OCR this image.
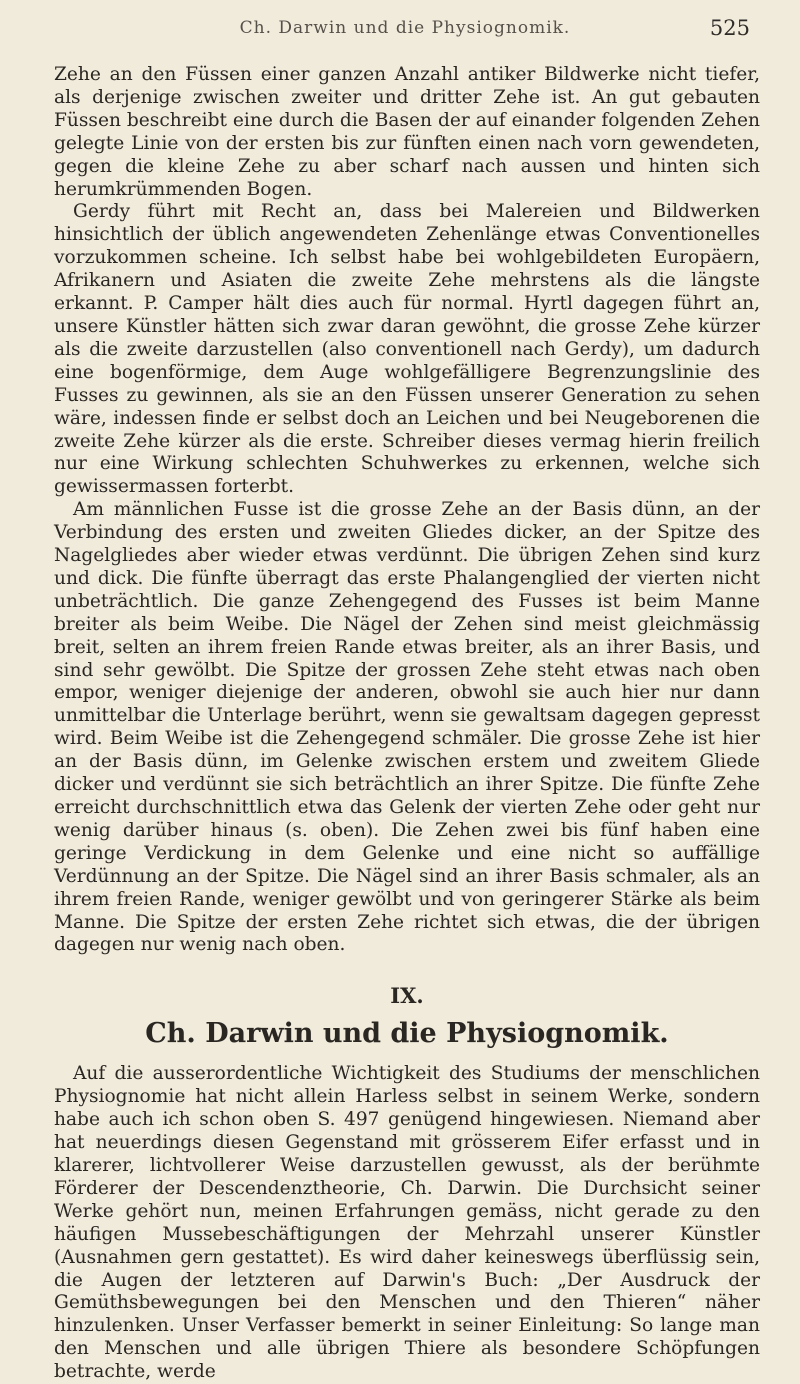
Ch. Darwin und die Physiognomik.	525

Zehe an den Füssen einer ganzen Anzahl antiker Bildwerke nicht tiefer, als derjenige zwischen zweiter und dritter Zehe ist. An gut gebauten Füssen beschreibt eine durch die Basen der auf einander folgenden Zehen gelegte Linie von der ersten bis zur fünften einen nach vorn gewendeten, gegen die kleine Zehe zu aber scharf nach aussen und hinten sich herumkrümmenden Bogen.

Gerdy führt mit Recht an, dass bei Malereien und Bildwerken hinsichtlich der üblich angewendeten Zehenlänge etwas Conventionelles vorzukommen scheine. Ich selbst habe bei wohlgebildeten Europäern, Afrikanern und Asiaten die zweite Zehe mehrstens als die längste erkannt. P. Camper hält dies auch für normal. Hyrtl dagegen führt an, unsere Künstler hätten sich zwar daran gewöhnt, die grosse Zehe kürzer als die zweite darzustellen (also conventionell nach Gerdy), um dadurch eine bogenförmige, dem Auge wohlgefälligere Begrenzungslinie des Fusses zu gewinnen, als sie an den Füssen unserer Generation zu sehen wäre, indessen finde er selbst doch an Leichen und bei Neugeborenen die zweite Zehe kürzer als die erste. Schreiber dieses vermag hierin freilich nur eine Wirkung schlechten Schuhwerkes zu erkennen, welche sich gewissermassen forterbt.

Am männlichen Fusse ist die grosse Zehe an der Basis dünn, an der Verbindung des ersten und zweiten Gliedes dicker, an der Spitze des Nagelgliedes aber wieder etwas verdünnt. Die übrigen Zehen sind kurz und dick. Die fünfte überragt das erste Phalangenglied der vierten nicht unbeträchtlich. Die ganze Zehengegend des Fusses ist beim Manne breiter als beim Weibe. Die Nägel der Zehen sind meist gleichmässig breit, selten an ihrem freien Rande etwas breiter, als an ihrer Basis, und sind sehr gewölbt. Die Spitze der grossen Zehe steht etwas nach oben empor, weniger diejenige der anderen, obwohl sie auch hier nur dann unmittelbar die Unterlage berührt, wenn sie gewaltsam dagegen gepresst wird. Beim Weibe ist die Zehengegend schmäler. Die grosse Zehe ist hier an der Basis dünn, im Gelenke zwischen erstem und zweitem Gliede dicker und verdünnt sie sich beträchtlich an ihrer Spitze. Die fünfte Zehe erreicht durchschnittlich etwa das Gelenk der vierten Zehe oder geht nur wenig darüber hinaus (s. oben). Die Zehen zwei bis fünf haben eine geringe Verdickung in dem Gelenke und eine nicht so auffällige Verdünnung an der Spitze. Die Nägel sind an ihrer Basis schmaler, als an ihrem freien Rande, weniger gewölbt und von geringerer Stärke als beim Manne. Die Spitze der ersten Zehe richtet sich etwas, die der übrigen dagegen nur wenig nach oben.

IX.
Ch. Darwin und die Physiognomik.

Auf die ausserordentliche Wichtigkeit des Studiums der menschlichen Physiognomie hat nicht allein Harless selbst in seinem Werke, sondern habe auch ich schon oben S. 497 genügend hingewiesen. Niemand aber hat neuerdings diesen Gegenstand mit grösserem Eifer erfasst und in klarerer, lichtvollerer Weise darzustellen gewusst, als der berühmte Förderer der Descendenztheorie, Ch. Darwin. Die Durchsicht seiner Werke gehört nun, meinen Erfahrungen gemäss, nicht gerade zu den häufigen Mussebeschäftigungen der Mehrzahl unserer Künstler (Ausnahmen gern gestattet). Es wird daher keineswegs überflüssig sein, die Augen der letzteren auf Darwin's Buch: „Der Ausdruck der Gemüthsbewegungen bei den Menschen und den Thieren“ näher hinzulenken. Unser Verfasser bemerkt in seiner Einleitung: So lange man den Menschen und alle übrigen Thiere als besondere Schöpfungen betrachte, werde
